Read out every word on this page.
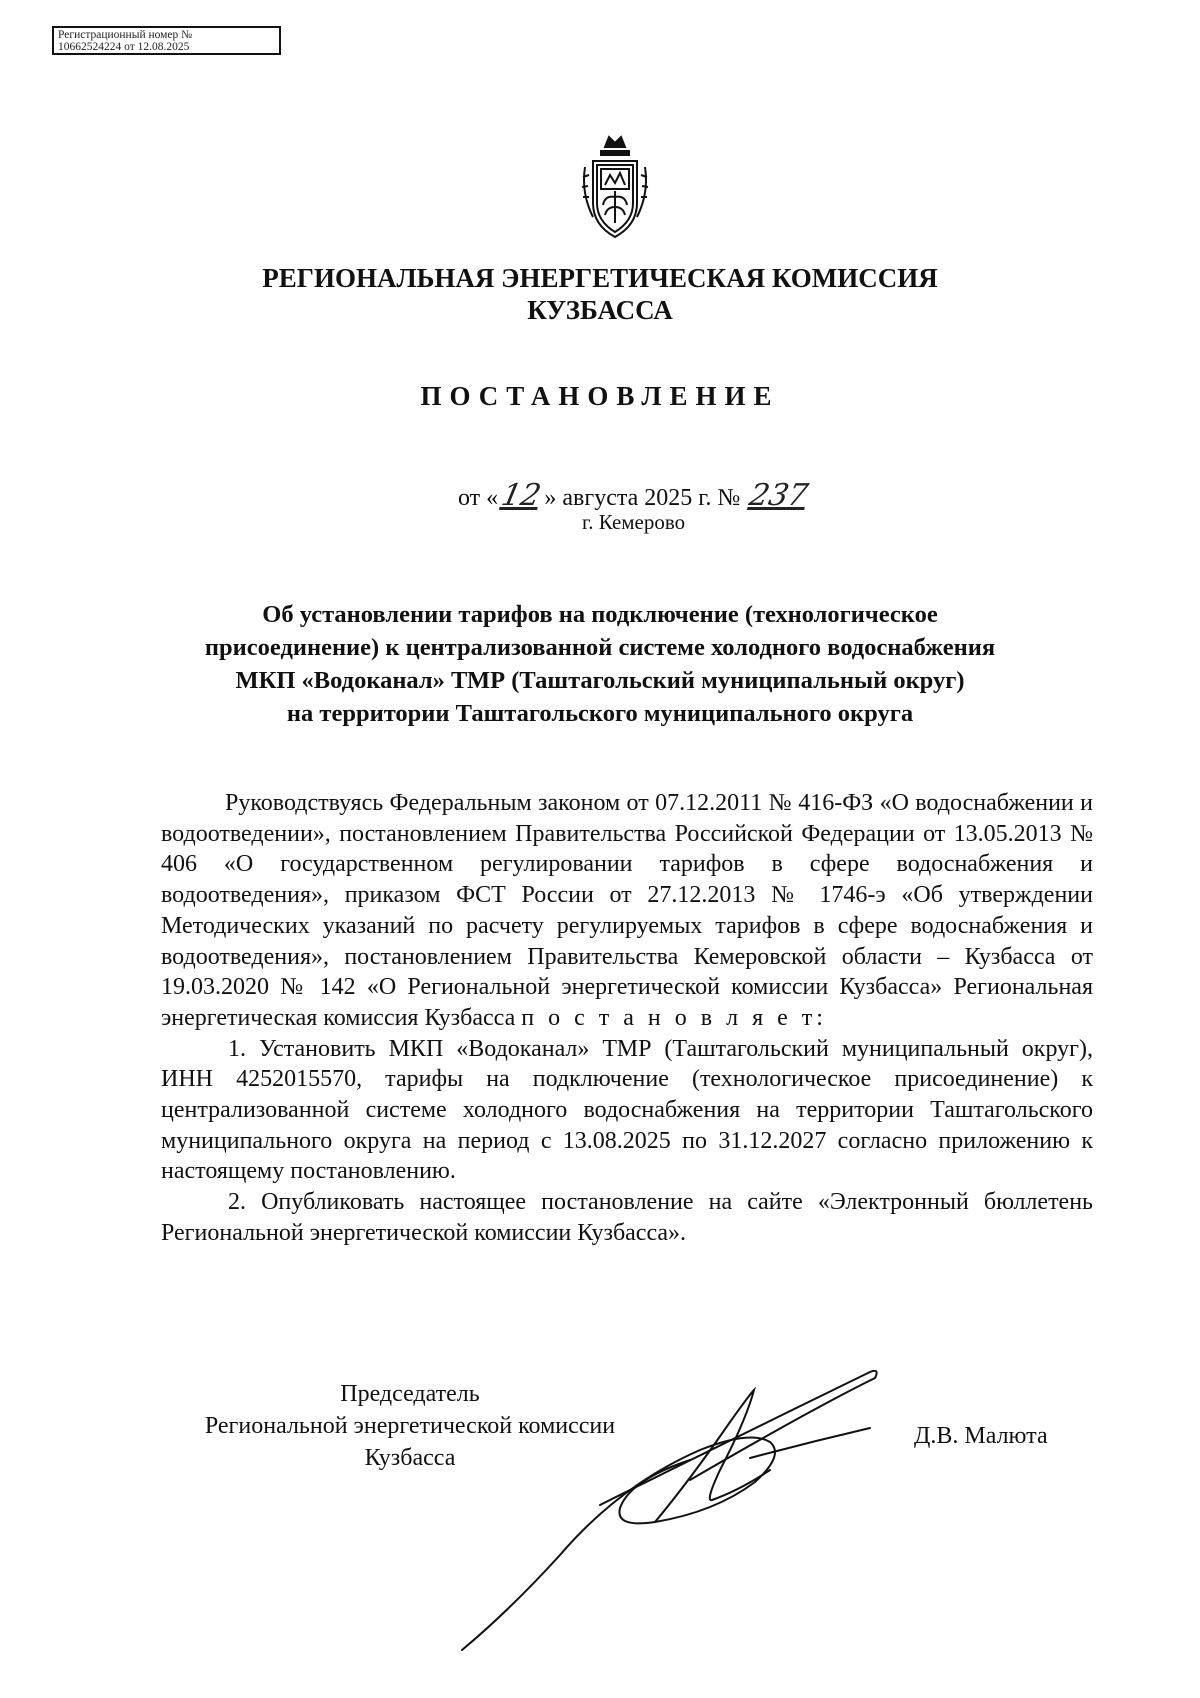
Регистрационный номер №
10662524224 от 12.08.2025
РЕГИОНАЛЬНАЯ ЭНЕРГЕТИЧЕСКАЯ КОМИССИЯ
КУЗБАССА
ПОСТАНОВЛЕНИЕ
от «12» августа 2025 г. № 237
г. Кемерово
Об установлении тарифов на подключение (технологическое
присоединение) к централизованной системе холодного водоснабжения
МКП «Водоканал» ТМР (Таштагольский муниципальный округ)
на территории Таштагольского муниципального округа

Руководствуясь Федеральным законом от 07.12.2011 № 416-ФЗ «О водоснабжении и водоотведении», постановлением Правительства Российской Федерации от 13.05.2013 № 406 «О государственном регулировании тарифов в сфере водоснабжения и водоотведения», приказом ФСТ России от 27.12.2013 № 1746-э «Об утверждении Методических указаний по расчету регулируемых тарифов в сфере водоснабжения и водоотведения», постановлением Правительства Кемеровской области – Кузбасса от 19.03.2020 № 142 «О Региональной энергетической комиссии Кузбасса» Региональная энергетическая комиссия Кузбасса п о с т а н о в л я е т:

1. Установить МКП «Водоканал» ТМР (Таштагольский муниципальный округ), ИНН 4252015570, тарифы на подключение (технологическое присоединение) к централизованной системе холодного водоснабжения на территории Таштагольского муниципального округа на период с 13.08.2025 по 31.12.2027 согласно приложению к настоящему постановлению.

2. Опубликовать настоящее постановление на сайте «Электронный бюллетень Региональной энергетической комиссии Кузбасса».

Председатель
Региональной энергетической комиссии
Кузбасса
Д.В. Малюта
